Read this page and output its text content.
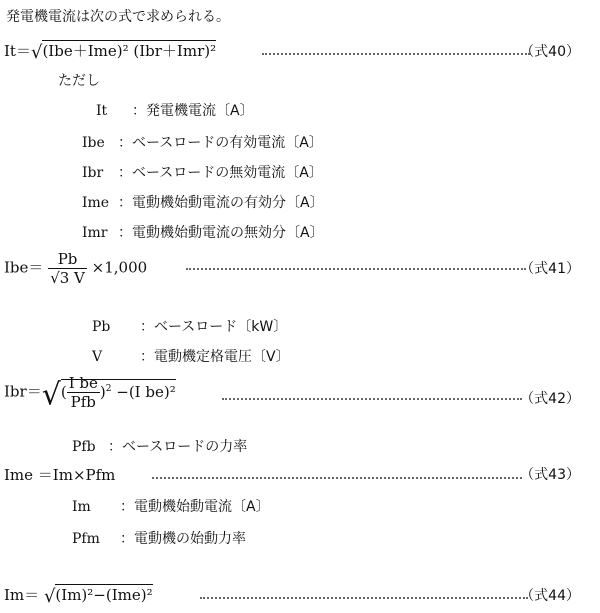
発電機電流は次の式で求められる。
It＝√(Ibe＋Ime)² (Ibr＋Imr)²	（式40）
ただし
It ：発電機電流〔A〕
Ibe ：ベースロードの有効電流〔A〕
Ibr ：ベースロードの無効電流〔A〕
Ime ：電動機始動電流の有効分〔A〕
Imr ：電動機始動電流の無効分〔A〕
$Ibe= \frac{Pb}{√3 V} \times 1,000$	（式41）
Pb ：ベースロード〔kW〕
V	：電動機定格電圧〔V〕
$Ibr=√( \frac{\text{I be}}{\text{Pfb}} )^2 -(I$ be)²	（式42）
Pfb ：ベースロードの力率
Ime ＝Im×Pfm	（式43）
Im ：電動機始動電流〔A〕
Pfm ：電動機の始動力率
Im＝ √(Im)²−(Ime)²	（式44）
